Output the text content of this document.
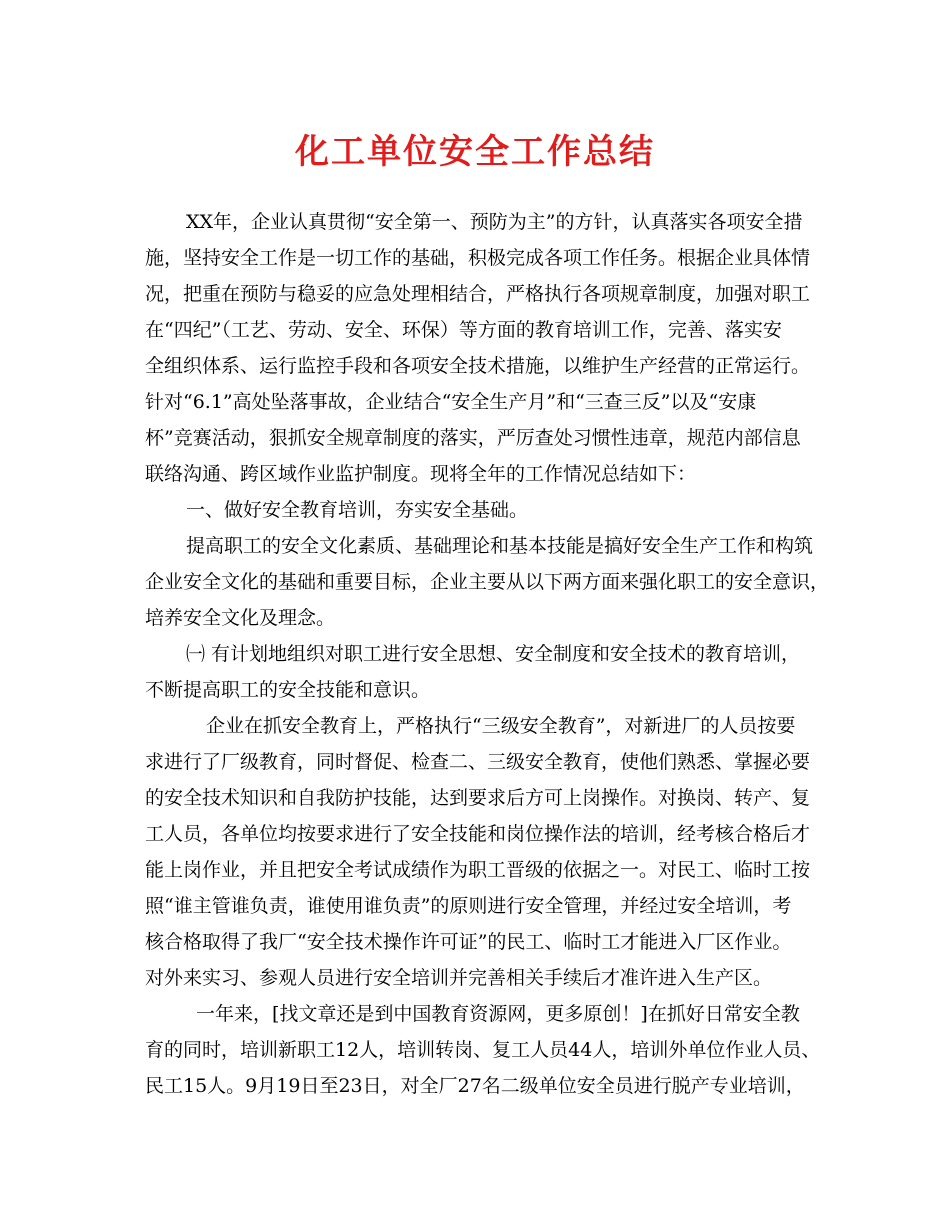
化工单位安全工作总结
XX年，企业认真贯彻“安全第一、预防为主”的方针，认真落实各项安全措
施，坚持安全工作是一切工作的基础，积极完成各项工作任务。根据企业具体情
况，把重在预防与稳妥的应急处理相结合，严格执行各项规章制度，加强对职工
在“四纪”（工艺、劳动、安全、环保）等方面的教育培训工作，完善、落实安
全组织体系、运行监控手段和各项安全技术措施，以维护生产经营的正常运行。
针对“6.1”高处坠落事故，企业结合“安全生产月”和“三查三反”以及“安康
杯”竞赛活动，狠抓安全规章制度的落实，严厉查处习惯性违章，规范内部信息
联络沟通、跨区域作业监护制度。现将全年的工作情况总结如下：
一、做好安全教育培训，夯实安全基础。
提高职工的安全文化素质、基础理论和基本技能是搞好安全生产工作和构筑
企业安全文化的基础和重要目标，企业主要从以下两方面来强化职工的安全意识，
培养安全文化及理念。
㈠ 有计划地组织对职工进行安全思想、安全制度和安全技术的教育培训，
不断提高职工的安全技能和意识。
企业在抓安全教育上，严格执行“三级安全教育”，对新进厂的人员按要
求进行了厂级教育，同时督促、检查二、三级安全教育，使他们熟悉、掌握必要
的安全技术知识和自我防护技能，达到要求后方可上岗操作。对换岗、转产、复
工人员，各单位均按要求进行了安全技能和岗位操作法的培训，经考核合格后才
能上岗作业，并且把安全考试成绩作为职工晋级的依据之一。对民工、临时工按
照“谁主管谁负责，谁使用谁负责”的原则进行安全管理，并经过安全培训，考
核合格取得了我厂“安全技术操作许可证”的民工、临时工才能进入厂区作业。
对外来实习、参观人员进行安全培训并完善相关手续后才准许进入生产区。
一年来，[找文章还是到中国教育资源网，更多原创！]在抓好日常安全教
育的同时，培训新职工12人，培训转岗、复工人员44人，培训外单位作业人员、
民工15人。9月19日至23日，对全厂27名二级单位安全员进行脱产专业培训，
